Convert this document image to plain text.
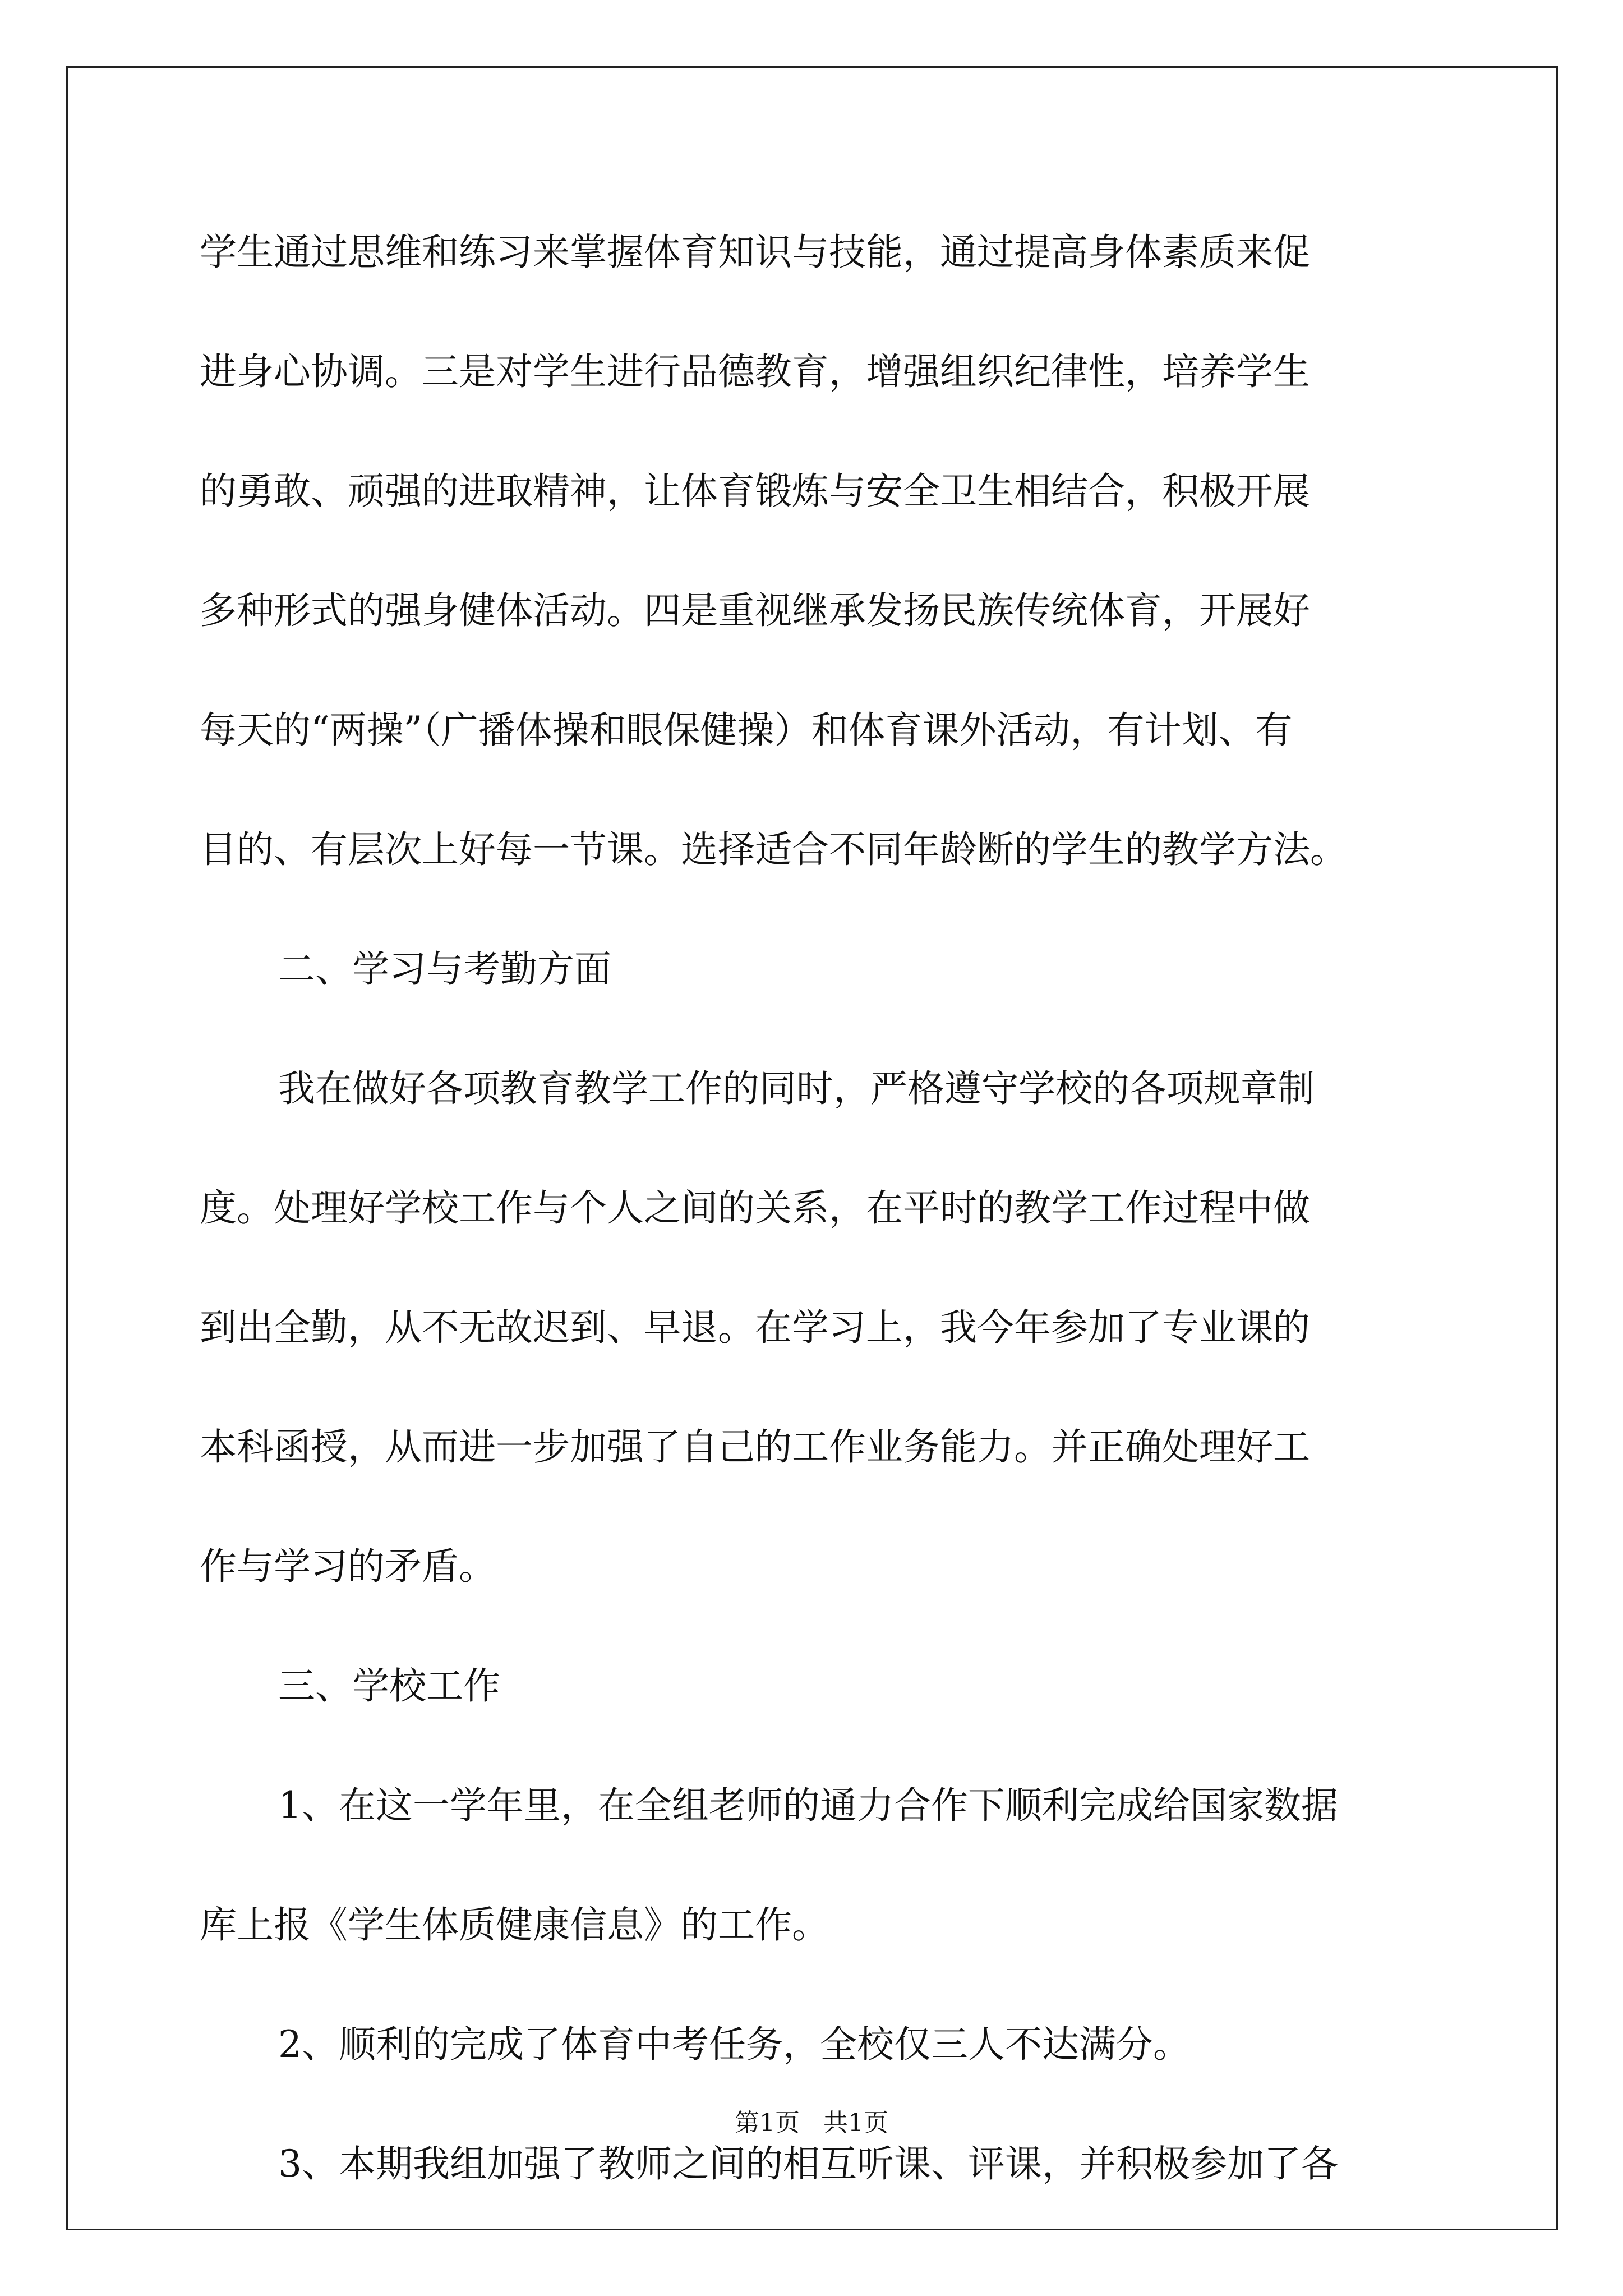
学生通过思维和练习来掌握体育知识与技能，通过提高身体素质来促

进身心协调。三是对学生进行品德教育，增强组织纪律性，培养学生

的勇敢、顽强的进取精神，让体育锻炼与安全卫生相结合，积极开展

多种形式的强身健体活动。四是重视继承发扬民族传统体育，开展好

每天的“两操”（广播体操和眼保健操）和体育课外活动，有计划、有

目的、有层次上好每一节课。选择适合不同年龄断的学生的教学方法。

二、学习与考勤方面

我在做好各项教育教学工作的同时，严格遵守学校的各项规章制

度。处理好学校工作与个人之间的关系，在平时的教学工作过程中做

到出全勤，从不无故迟到、早退。在学习上，我今年参加了专业课的

本科函授，从而进一步加强了自己的工作业务能力。并正确处理好工

作与学习的矛盾。

三、学校工作

1、在这一学年里，在全组老师的通力合作下顺利完成给国家数据

库上报《学生体质健康信息》的工作。

2、顺利的完成了体育中考任务，全校仅三人不达满分。

3、本期我组加强了教师之间的相互听课、评课，并积极参加了各

第1页   共1页
